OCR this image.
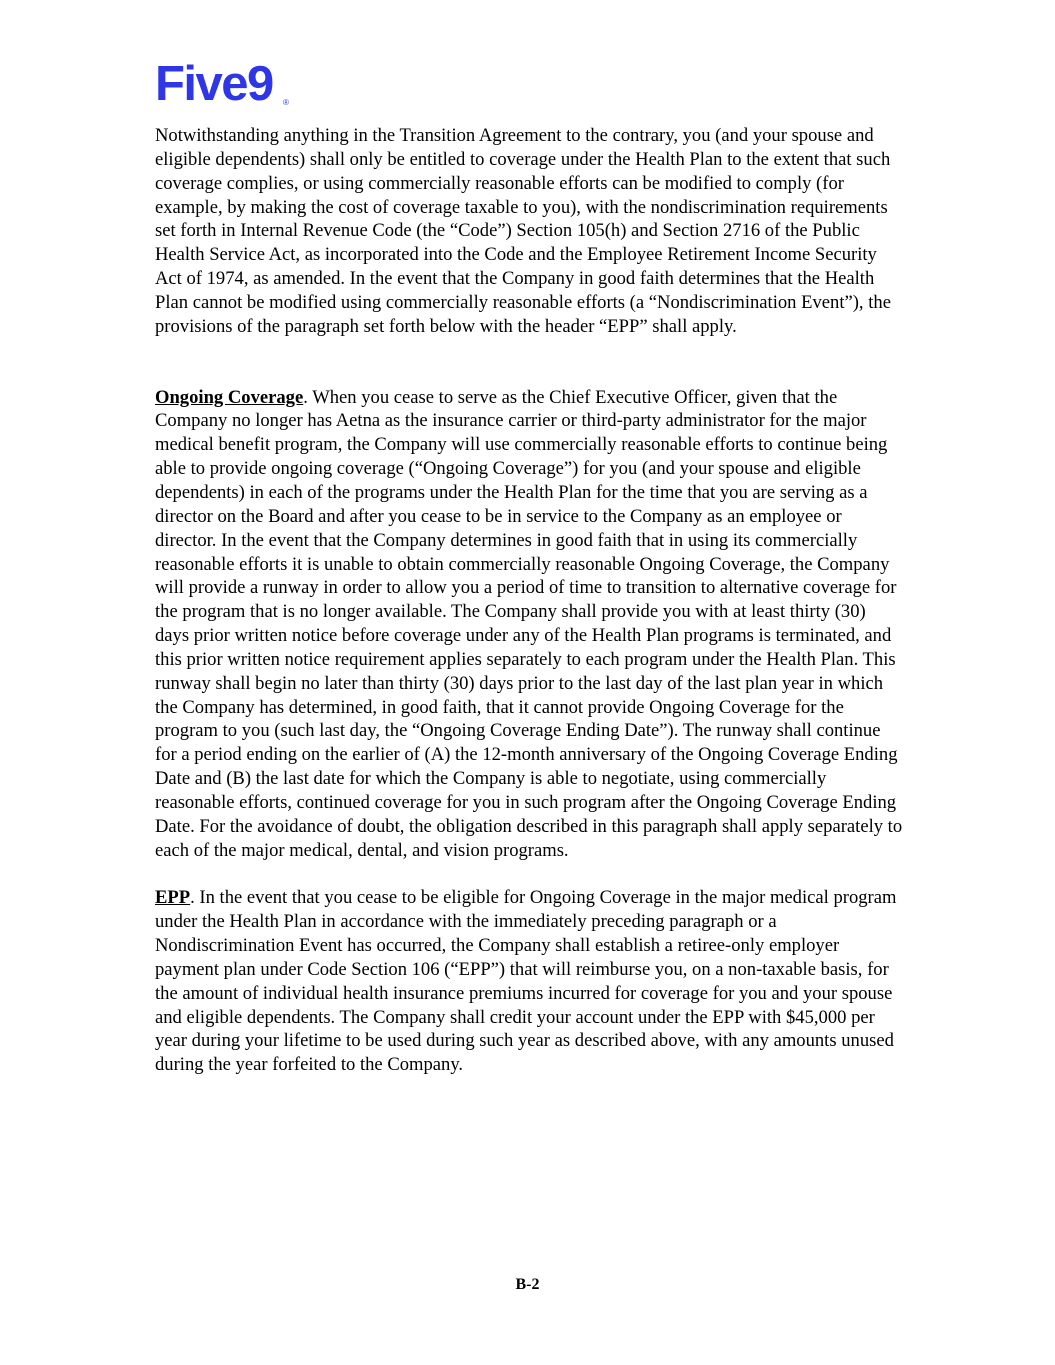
Five9 ®

Notwithstanding anything in the Transition Agreement to the contrary, you (and your spouse and eligible dependents) shall only be entitled to coverage under the Health Plan to the extent that such coverage complies, or using commercially reasonable efforts can be modified to comply (for example, by making the cost of coverage taxable to you), with the nondiscrimination requirements set forth in Internal Revenue Code (the “Code”) Section 105(h) and Section 2716 of the Public Health Service Act, as incorporated into the Code and the Employee Retirement Income Security Act of 1974, as amended. In the event that the Company in good faith determines that the Health Plan cannot be modified using commercially reasonable efforts (a “Nondiscrimination Event”), the provisions of the paragraph set forth below with the header “EPP” shall apply.

Ongoing Coverage. When you cease to serve as the Chief Executive Officer, given that the Company no longer has Aetna as the insurance carrier or third-party administrator for the major medical benefit program, the Company will use commercially reasonable efforts to continue being able to provide ongoing coverage (“Ongoing Coverage”) for you (and your spouse and eligible dependents) in each of the programs under the Health Plan for the time that you are serving as a director on the Board and after you cease to be in service to the Company as an employee or director. In the event that the Company determines in good faith that in using its commercially reasonable efforts it is unable to obtain commercially reasonable Ongoing Coverage, the Company will provide a runway in order to allow you a period of time to transition to alternative coverage for the program that is no longer available. The Company shall provide you with at least thirty (30) days prior written notice before coverage under any of the Health Plan programs is terminated, and this prior written notice requirement applies separately to each program under the Health Plan. This runway shall begin no later than thirty (30) days prior to the last day of the last plan year in which the Company has determined, in good faith, that it cannot provide Ongoing Coverage for the program to you (such last day, the “Ongoing Coverage Ending Date”). The runway shall continue for a period ending on the earlier of (A) the 12-month anniversary of the Ongoing Coverage Ending Date and (B) the last date for which the Company is able to negotiate, using commercially reasonable efforts, continued coverage for you in such program after the Ongoing Coverage Ending Date. For the avoidance of doubt, the obligation described in this paragraph shall apply separately to each of the major medical, dental, and vision programs.

EPP. In the event that you cease to be eligible for Ongoing Coverage in the major medical program under the Health Plan in accordance with the immediately preceding paragraph or a Nondiscrimination Event has occurred, the Company shall establish a retiree-only employer payment plan under Code Section 106 (“EPP”) that will reimburse you, on a non-taxable basis, for the amount of individual health insurance premiums incurred for coverage for you and your spouse and eligible dependents. The Company shall credit your account under the EPP with $45,000 per year during your lifetime to be used during such year as described above, with any amounts unused during the year forfeited to the Company.

B-2
